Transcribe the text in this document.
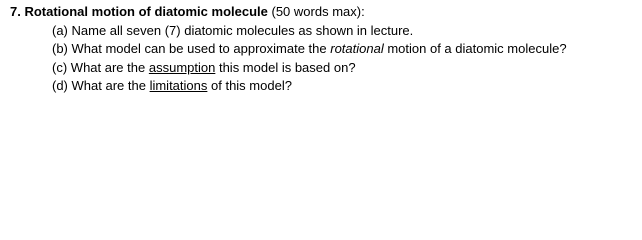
7. Rotational motion of diatomic molecule (50 words max):
(a) Name all seven (7) diatomic molecules as shown in lecture.
(b) What model can be used to approximate the rotational motion of a diatomic molecule?
(c) What are the assumption this model is based on?
(d) What are the limitations of this model?
